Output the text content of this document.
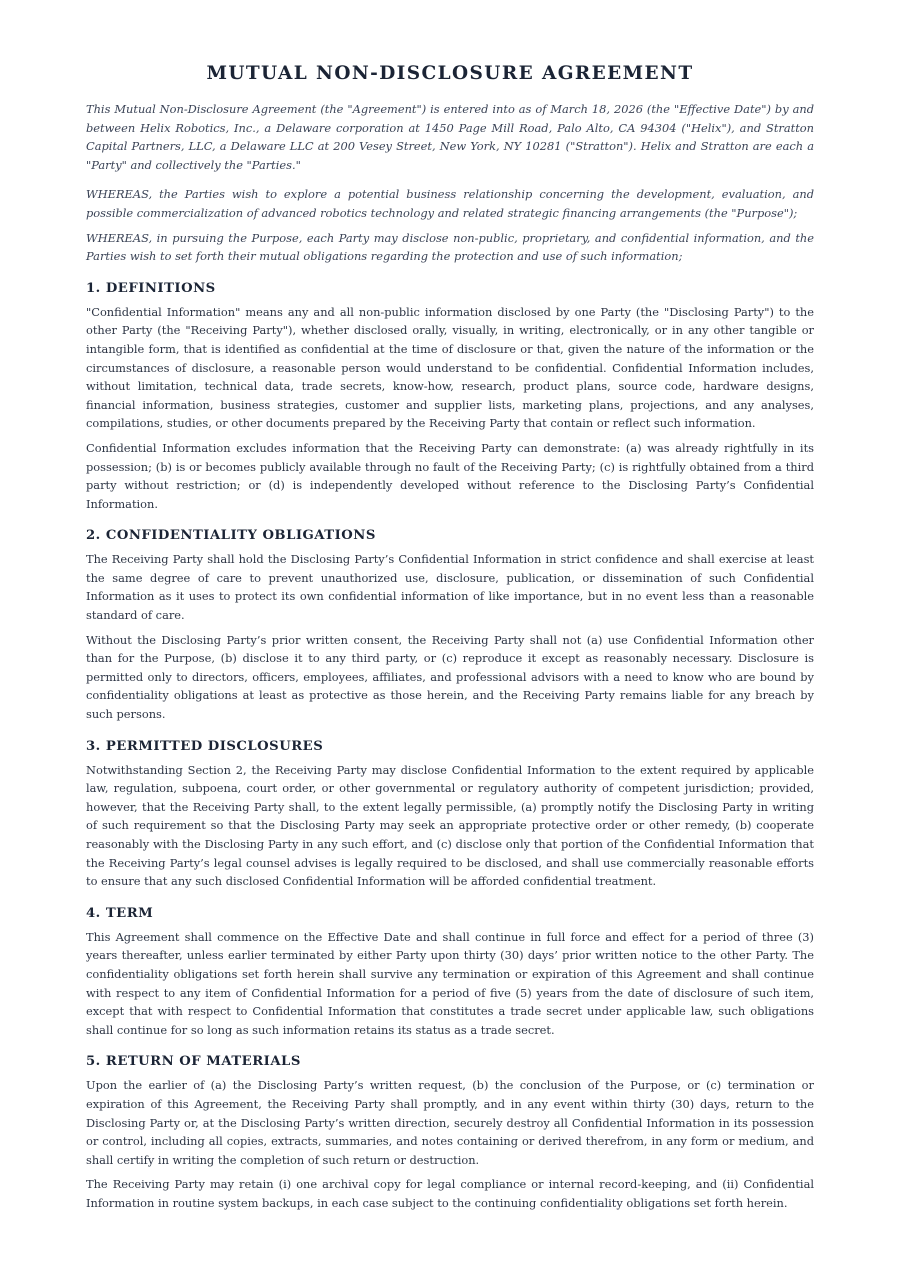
MUTUAL NON-DISCLOSURE AGREEMENT

This Mutual Non-Disclosure Agreement (the "Agreement") is entered into as of March 18, 2026 (the "Effective Date") by and between Helix Robotics, Inc., a Delaware corporation at 1450 Page Mill Road, Palo Alto, CA 94304 ("Helix"), and Stratton Capital Partners, LLC, a Delaware LLC at 200 Vesey Street, New York, NY 10281 ("Stratton"). Helix and Stratton are each a "Party" and collectively the "Parties."

WHEREAS, the Parties wish to explore a potential business relationship concerning the development, evaluation, and possible commercialization of advanced robotics technology and related strategic financing arrangements (the "Purpose");

WHEREAS, in pursuing the Purpose, each Party may disclose non-public, proprietary, and confidential information, and the Parties wish to set forth their mutual obligations regarding the protection and use of such information;

1. DEFINITIONS

"Confidential Information" means any and all non-public information disclosed by one Party (the "Disclosing Party") to the other Party (the "Receiving Party"), whether disclosed orally, visually, in writing, electronically, or in any other tangible or intangible form, that is identified as confidential at the time of disclosure or that, given the nature of the information or the circumstances of disclosure, a reasonable person would understand to be confidential. Confidential Information includes, without limitation, technical data, trade secrets, know-how, research, product plans, source code, hardware designs, financial information, business strategies, customer and supplier lists, marketing plans, projections, and any analyses, compilations, studies, or other documents prepared by the Receiving Party that contain or reflect such information.

Confidential Information excludes information that the Receiving Party can demonstrate: (a) was already rightfully in its possession; (b) is or becomes publicly available through no fault of the Receiving Party; (c) is rightfully obtained from a third party without restriction; or (d) is independently developed without reference to the Disclosing Party’s Confidential Information.

2. CONFIDENTIALITY OBLIGATIONS

The Receiving Party shall hold the Disclosing Party’s Confidential Information in strict confidence and shall exercise at least the same degree of care to prevent unauthorized use, disclosure, publication, or dissemination of such Confidential Information as it uses to protect its own confidential information of like importance, but in no event less than a reasonable standard of care.

Without the Disclosing Party’s prior written consent, the Receiving Party shall not (a) use Confidential Information other than for the Purpose, (b) disclose it to any third party, or (c) reproduce it except as reasonably necessary. Disclosure is permitted only to directors, officers, employees, affiliates, and professional advisors with a need to know who are bound by confidentiality obligations at least as protective as those herein, and the Receiving Party remains liable for any breach by such persons.

3. PERMITTED DISCLOSURES

Notwithstanding Section 2, the Receiving Party may disclose Confidential Information to the extent required by applicable law, regulation, subpoena, court order, or other governmental or regulatory authority of competent jurisdiction; provided, however, that the Receiving Party shall, to the extent legally permissible, (a) promptly notify the Disclosing Party in writing of such requirement so that the Disclosing Party may seek an appropriate protective order or other remedy, (b) cooperate reasonably with the Disclosing Party in any such effort, and (c) disclose only that portion of the Confidential Information that the Receiving Party’s legal counsel advises is legally required to be disclosed, and shall use commercially reasonable efforts to ensure that any such disclosed Confidential Information will be afforded confidential treatment.

4. TERM

This Agreement shall commence on the Effective Date and shall continue in full force and effect for a period of three (3) years thereafter, unless earlier terminated by either Party upon thirty (30) days’ prior written notice to the other Party. The confidentiality obligations set forth herein shall survive any termination or expiration of this Agreement and shall continue with respect to any item of Confidential Information for a period of five (5) years from the date of disclosure of such item, except that with respect to Confidential Information that constitutes a trade secret under applicable law, such obligations shall continue for so long as such information retains its status as a trade secret.

5. RETURN OF MATERIALS

Upon the earlier of (a) the Disclosing Party’s written request, (b) the conclusion of the Purpose, or (c) termination or expiration of this Agreement, the Receiving Party shall promptly, and in any event within thirty (30) days, return to the Disclosing Party or, at the Disclosing Party’s written direction, securely destroy all Confidential Information in its possession or control, including all copies, extracts, summaries, and notes containing or derived therefrom, in any form or medium, and shall certify in writing the completion of such return or destruction.

The Receiving Party may retain (i) one archival copy for legal compliance or internal record-keeping, and (ii) Confidential Information in routine system backups, in each case subject to the continuing confidentiality obligations set forth herein.
